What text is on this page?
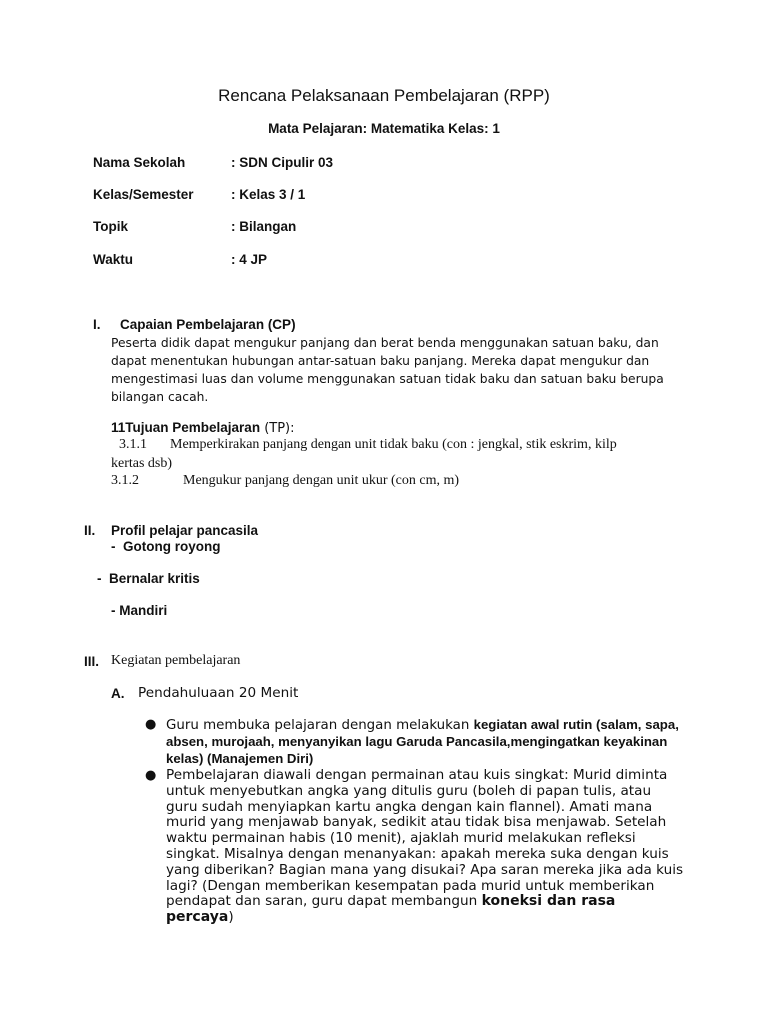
Rencana Pelaksanaan Pembelajaran (RPP)
Mata Pelajaran: Matematika Kelas: 1
Nama Sekolah	: SDN Cipulir 03
Kelas/Semester	: Kelas 3 / 1
Topik	: Bilangan
Waktu	: 4 JP
I. Capaian Pembelajaran (CP)
Peserta didik dapat mengukur panjang dan berat benda menggunakan satuan baku, dan dapat menentukan hubungan antar-satuan baku panjang. Mereka dapat mengukur dan mengestimasi luas dan volume menggunakan satuan tidak baku dan satuan baku berupa bilangan cacah.
11Tujuan Pembelajaran (TP):
3.1.1 Memperkirakan panjang dengan unit tidak baku (con : jengkal, stik eskrim, kilp
kertas dsb)
3.1.2	Mengukur panjang dengan unit ukur (con cm, m)
II. Profil pelajar pancasila
-  Gotong royong
-  Bernalar kritis
- Mandiri
III. Kegiatan pembelajaran
A. Pendahuluaan 20 Menit
● Guru membuka pelajaran dengan melakukan kegiatan awal rutin (salam, sapa, absen, murojaah, menyanyikan lagu Garuda Pancasila,mengingatkan keyakinan kelas) (Manajemen Diri)
● Pembelajaran diawali dengan permainan atau kuis singkat: Murid diminta untuk menyebutkan angka yang ditulis guru (boleh di papan tulis, atau guru sudah menyiapkan kartu angka dengan kain flannel). Amati mana murid yang menjawab banyak, sedikit atau tidak bisa menjawab. Setelah waktu permainan habis (10 menit), ajaklah murid melakukan refleksi singkat. Misalnya dengan menanyakan: apakah mereka suka dengan kuis yang diberikan? Bagian mana yang disukai? Apa saran mereka jika ada kuis lagi? (Dengan memberikan kesempatan pada murid untuk memberikan pendapat dan saran, guru dapat membangun koneksi dan rasa percaya)
